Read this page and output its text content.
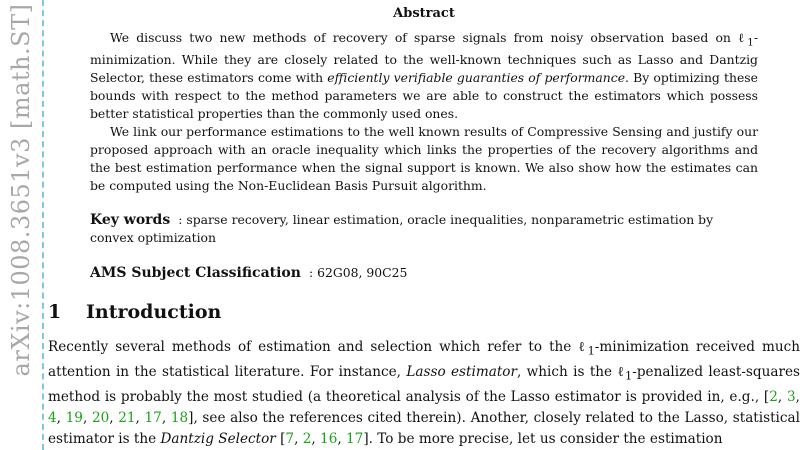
arXiv:1008.3651v3 [math.ST]	Abstract

We discuss two new methods of recovery of sparse signals from noisy observation based on ℓ$_1$-minimization. While they are closely related to the well-known techniques such as Lasso and Dantzig Selector, these estimators come with efficiently verifiable guaranties of performance. By optimizing these bounds with respect to the method parameters we are able to construct the estimators which possess better statistical properties than the commonly used ones.

We link our performance estimations to the well known results of Compressive Sensing and justify our proposed approach with an oracle inequality which links the properties of the recovery algorithms and the best estimation performance when the signal support is known. We also show how the estimates can be computed using the Non-Euclidean Basis Pursuit algorithm.

Key words : sparse recovery, linear estimation, oracle inequalities, nonparametric estimation by convex optimization
AMS Subject Classification : 62G08, 90C25
1 Introduction

Recently several methods of estimation and selection which refer to the ℓ$_1$-minimization received much attention in the statistical literature. For instance, Lasso estimator, which is the ℓ$_1$-penalized least-squares method is probably the most studied (a theoretical analysis of the Lasso estimator is provided in, e.g., [2, 3, 4, 19, 20, 21, 17, 18], see also the references cited therein). Another, closely related to the Lasso, statistical estimator is the Dantzig Selector [7, 2, 16, 17]. To be more precise, let us consider the estimation
